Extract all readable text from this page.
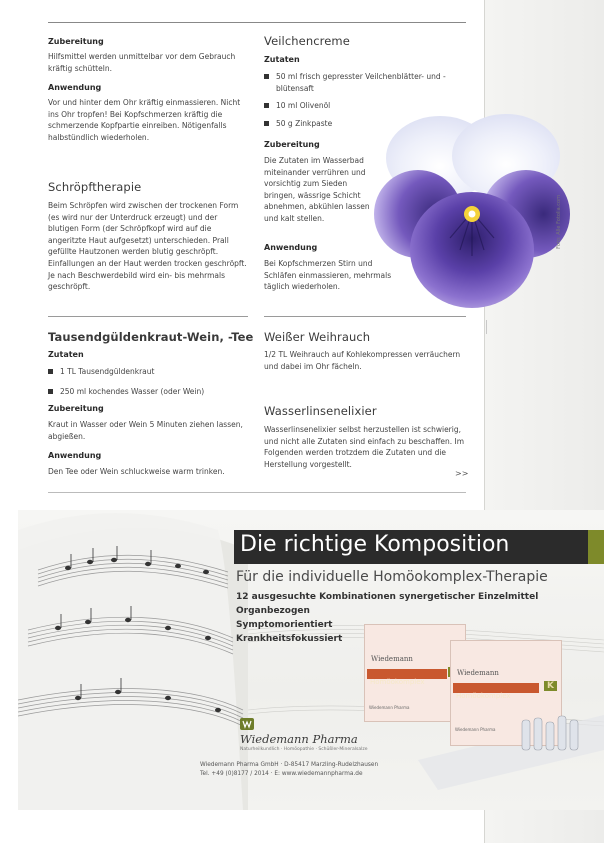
Zubereitung

Hilfsmittel werden unmittelbar vor dem Gebrauch kräftig schütteln.

Anwendung

Vor und hinter dem Ohr kräftig einmassieren. Nicht ins Ohr tropfen! Bei Kopfschmerzen kräftig die schmerzende Kopfpartie einreiben. Nötigenfalls halbstündlich wiederholen.

Schröpftherapie

Beim Schröpfen wird zwischen der trockenen Form (es wird nur der Unterdruck erzeugt) und der blutigen Form (der Schröpfkopf wird auf die angeritzte Haut aufgesetzt) unterschieden. Prall gefüllte Hautzonen werden blutig geschröpft. Einfallungen an der Haut werden trocken geschröpft. Je nach Beschwerdebild wird ein- bis mehrmals geschröpft.

Veilchencreme
Zutaten
50 ml frisch gepresster Veilchenblätter- und -blütensaft
10 ml Olivenöl
50 g Zinkpaste
Zubereitung

Die Zutaten im Wasserbad miteinander verrühren und vorsichtig zum Sieden bringen, wässrige Schicht abnehmen, abkühlen lassen und kalt stellen.

Anwendung

Bei Kopfschmerzen Stirn und Schläfen einmassieren, mehrmals täglich wiederholen.

Foto: Alle Fotolia.com
Tausendgüldenkraut-Wein, -Tee
Zutaten
1 TL Tausendgüldenkraut
250 ml kochendes Wasser (oder Wein)
Zubereitung

Kraut in Wasser oder Wein 5 Minuten ziehen lassen, abgießen.

Anwendung

Den Tee oder Wein schluckweise warm trinken.

Weißer Weihrauch

1/2 TL Weihrauch auf Kohlekompressen verräuchern und dabei im Ohr fächeln.

Wasserlinsenelixier

Wasserlinsenelixier selbst herzustellen ist schwierig, und nicht alle Zutaten sind einfach zu beschaffen. Im Folgenden werden trotzdem die Zutaten und die Herstellung vorgestellt.

>>
Die richtige Komposition
Für die individuelle Homöokomplex-Therapie
12 ausgesuchte Kombinationen synergetischer Einzelmittel
Organbezogen
Symptomorientiert
Krankheitsfokussiert
Wiedemann
Homöokomplex
Wiedemann Pharma
Wiedemann
Homöokomplex
K
Wiedemann Pharma
Wiedemann Pharma
Naturheilkundlich · Homöopathie · Schüßler-Mineralsalze
Wiedemann Pharma GmbH · D-85417 Marzling-Rudelzhausen
Tel. +49 (0)8177 / 2014 · E: www.wiedemannpharma.de
